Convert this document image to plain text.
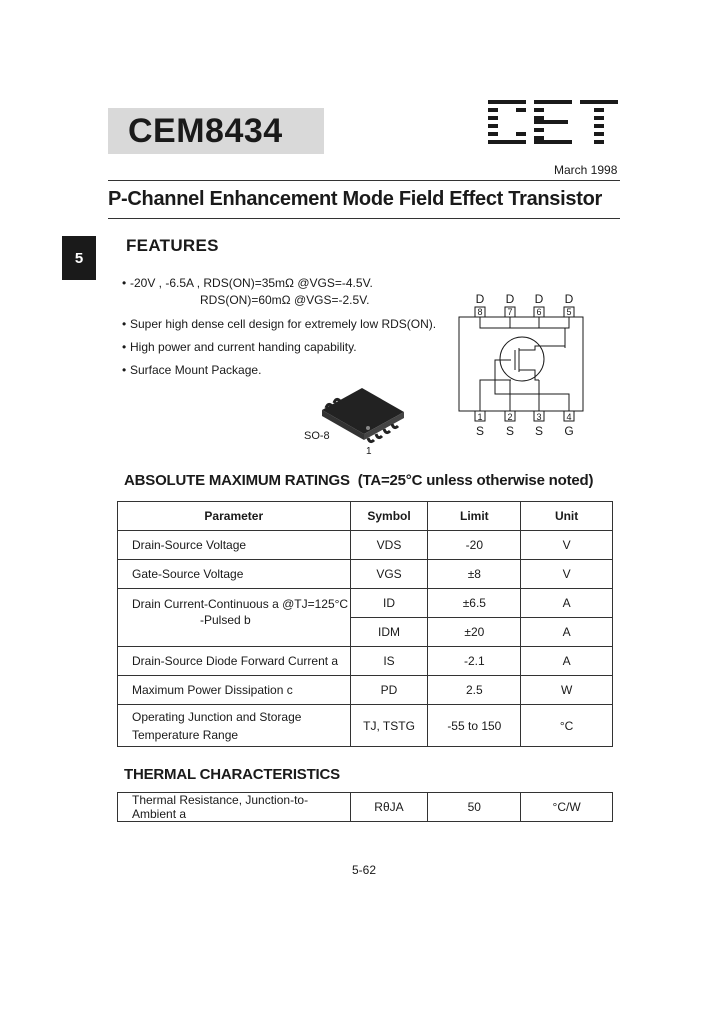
CEM8434
March 1998
P-Channel Enhancement Mode Field Effect Transistor
5
FEATURES
• -20V , -6.5A , RDS(ON)=35mΩ @VGS=-4.5V.
RDS(ON)=60mΩ @VGS=-2.5V.
• Super high dense cell design for extremely low RDS(ON).
• High power and current handing capability.
• Surface Mount Package.
SO-8
1
D D D D
8	7	6	5
1	2	3	4
S S S G
ABSOLUTE MAXIMUM RATINGS (TA=25°C unless otherwise noted)
Parameter	Symbol	Limit	Unit
Drain-Source Voltage	VDS	-20	V
Gate-Source Voltage	VGS	±8	V

Drain Current-Continuous a @TJ=125°C
-Pulsed b	ID	±6.5	A
	IDM	±20	A
Drain-Source Diode Forward Current a	IS	-2.1	A
Maximum Power Dissipation c	PD	2.5	W

Operating Junction and Storage
Temperature Range	TJ, TSTG	-55 to 150	°C
THERMAL CHARACTERISTICS
Thermal Resistance, Junction-to-Ambient a	RθJA	50	°C/W
5-62
